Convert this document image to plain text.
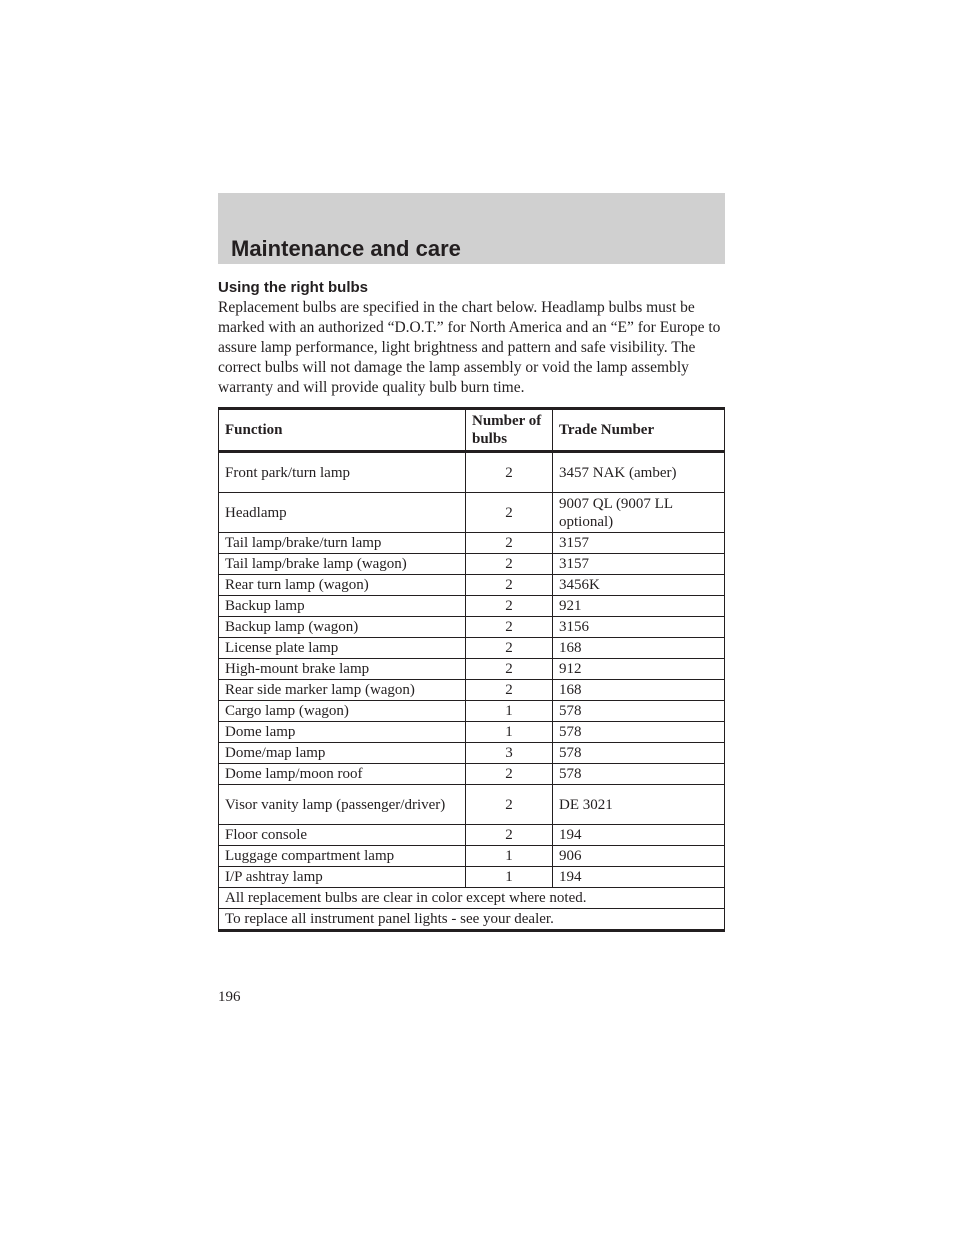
Maintenance and care
Using the right bulbs

Replacement bulbs are specified in the chart below. Headlamp bulbs must be marked with an authorized “D.O.T.” for North America and an “E” for Europe to assure lamp performance, light brightness and pattern and safe visibility. The correct bulbs will not damage the lamp assembly or void the lamp assembly warranty and will provide quality bulb burn time.

Function	Number of bulbs	Trade Number
Front park/turn lamp	2	3457 NAK (amber)
Headlamp	2	9007 QL (9007 LL optional)
Tail lamp/brake/turn lamp	2	3157
Tail lamp/brake lamp (wagon)	2	3157
Rear turn lamp (wagon)	2	3456K
Backup lamp	2	921
Backup lamp (wagon)	2	3156
License plate lamp	2	168
High-mount brake lamp	2	912
Rear side marker lamp (wagon)	2	168
Cargo lamp (wagon)	1	578
Dome lamp	1	578
Dome/map lamp	3	578
Dome lamp/moon roof	2	578
Visor vanity lamp (passenger/driver)	2	DE 3021
Floor console	2	194
Luggage compartment lamp	1	906
I/P ashtray lamp	1	194
All replacement bulbs are clear in color except where noted.		
To replace all instrument panel lights - see your dealer.		

196
